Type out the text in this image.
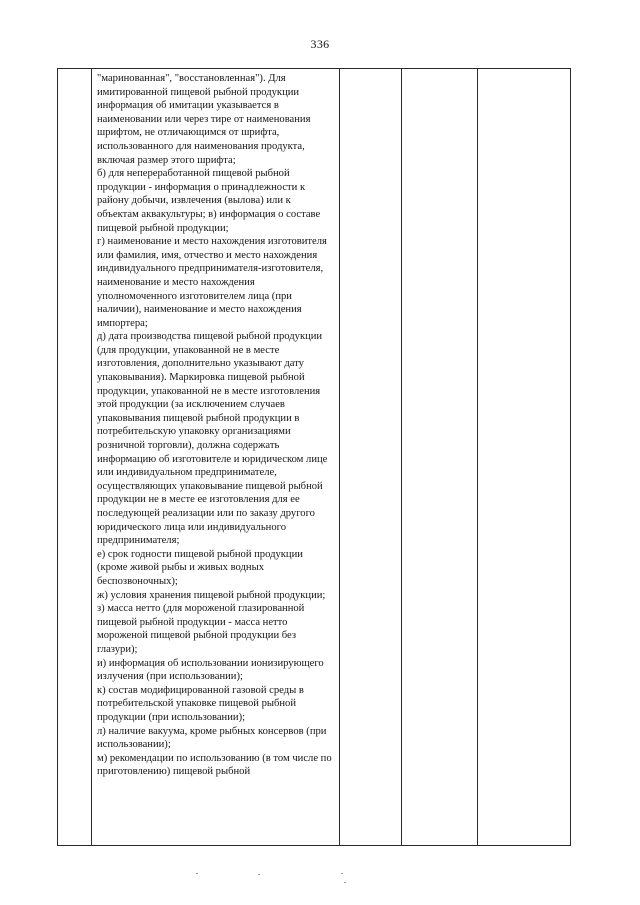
336

"маринованная", "восстановленная"). Для имитированной пищевой рыбной продукции информация об имитации указывается в наименовании или через тире от наименования шрифтом, не отличающимся от шрифта, использованного для наименования продукта, включая размер этого шрифта;

б) для непереработанной пищевой рыбной продукции - информация о принадлежности к району добычи, извлечения (вылова) или к объектам аквакультуры; в) информация о составе пищевой рыбной продукции;

г) наименование и место нахождения изготовителя или фамилия, имя, отчество и место нахождения индивидуального предпринимателя-изготовителя, наименование и место нахождения уполномоченного изготовителем лица (при наличии), наименование и место нахождения импортера;

д) дата производства пищевой рыбной продукции (для продукции, упакованной не в месте изготовления, дополнительно указывают дату упаковывания). Маркировка пищевой рыбной продукции, упакованной не в месте изготовления этой продукции (за исключением случаев упаковывания пищевой рыбной продукции в потребительскую упаковку организациями розничной торговли), должна содержать информацию об изготовителе и юридическом лице или индивидуальном предпринимателе, осуществляющих упаковывание пищевой рыбной продукции не в месте ее изготовления для ее последующей реализации или по заказу другого юридического лица или индивидуального предпринимателя;

е) срок годности пищевой рыбной продукции (кроме живой рыбы и живых водных беспозвоночных);

ж) условия хранения пищевой рыбной продукции;

з) масса нетто (для мороженой глазированной пищевой рыбной продукции - масса нетто мороженой пищевой рыбной продукции без глазури);

и) информация об использовании ионизирующего излучения (при использовании);

к) состав модифицированной газовой среды в потребительской упаковке пищевой рыбной продукции (при использовании);

л) наличие вакуума, кроме рыбных консервов (при использовании);

м) рекомендации по использованию (в том числе по приготовлению) пищевой рыбной
